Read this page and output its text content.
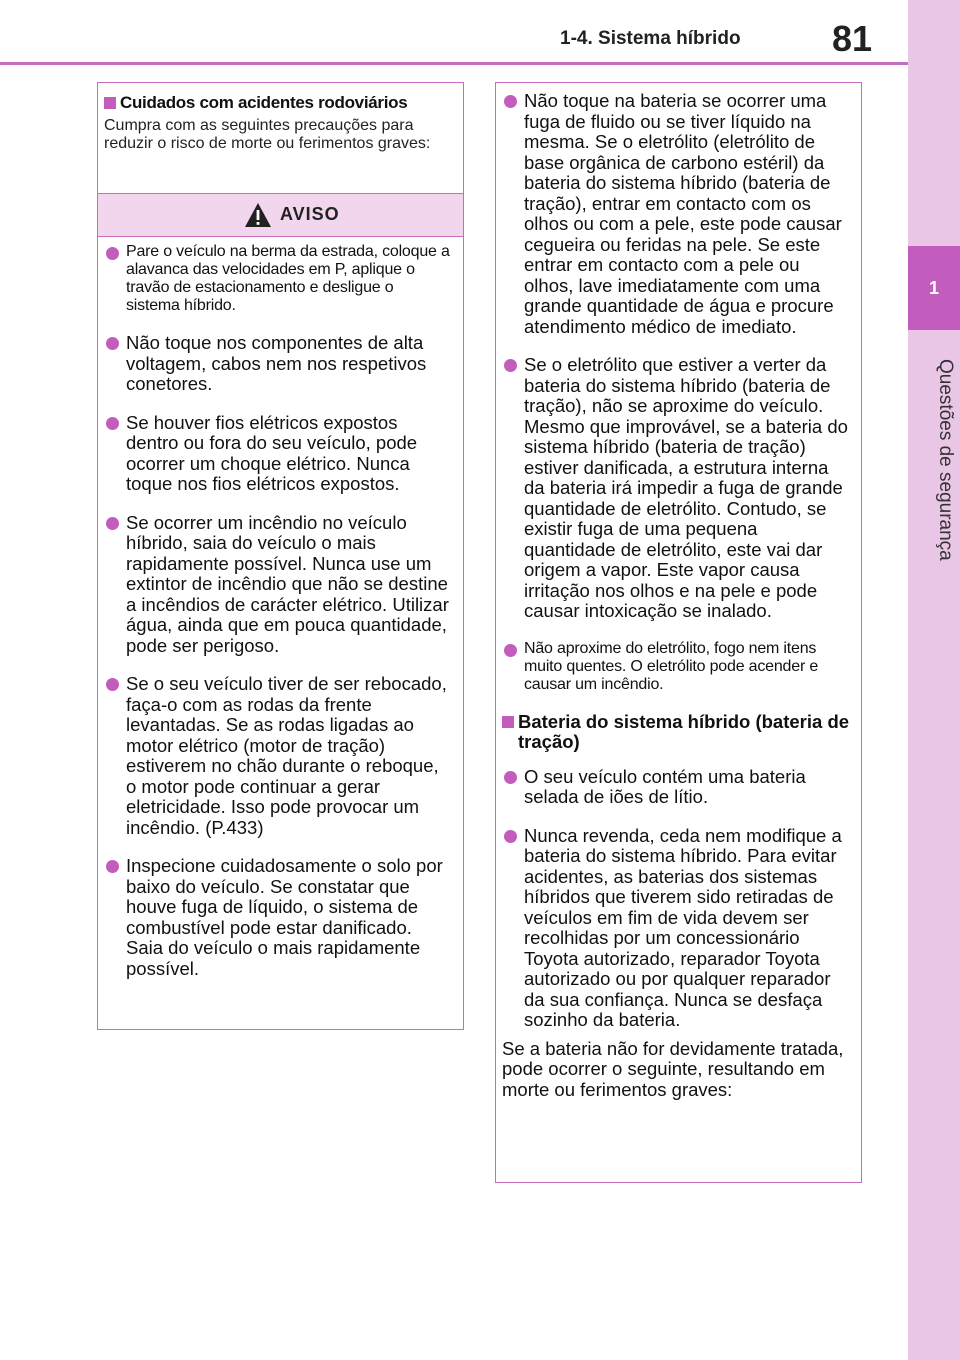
1-4. Sistema híbrido	81
1
Questões de segurança
Cuidados com acidentes rodoviários
Cumpra com as seguintes precauções para reduzir o risco de morte ou ferimentos graves:
AVISO
Pare o veículo na berma da estrada, coloque a alavanca das velocidades em P, aplique o travão de estacionamento e desligue o sistema híbrido.
Não toque nos componentes de alta voltagem, cabos nem nos respetivos conetores.
Se houver fios elétricos expostos dentro ou fora do seu veículo, pode ocorrer um choque elétrico. Nunca toque nos fios elétricos expostos.
Se ocorrer um incêndio no veículo híbrido, saia do veículo o mais rapidamente possível. Nunca use um extintor de incêndio que não se destine a incêndios de carácter elétrico. Utilizar água, ainda que em pouca quantidade, pode ser perigoso.
Se o seu veículo tiver de ser rebocado, faça-o com as rodas da frente levantadas. Se as rodas ligadas ao motor elétrico (motor de tração) estiverem no chão durante o reboque, o motor pode continuar a gerar eletricidade. Isso pode provocar um incêndio. (P.433)
Inspecione cuidadosamente o solo por baixo do veículo. Se constatar que houve fuga de líquido, o sistema de combustível pode estar danificado. Saia do veículo o mais rapidamente possível.
Não toque na bateria se ocorrer uma fuga de fluido ou se tiver líquido na mesma. Se o eletrólito (eletrólito de base orgânica de carbono estéril) da bateria do sistema híbrido (bateria de tração), entrar em contacto com os olhos ou com a pele, este pode causar cegueira ou feridas na pele. Se este entrar em contacto com a pele ou olhos, lave imediatamente com uma grande quantidade de água e procure atendimento médico de imediato.
Se o eletrólito que estiver a verter da bateria do sistema híbrido (bateria de tração), não se aproxime do veículo. Mesmo que improvável, se a bateria do sistema híbrido (bateria de tração) estiver danificada, a estrutura interna da bateria irá impedir a fuga de grande quantidade de eletrólito. Contudo, se existir fuga de uma pequena quantidade de eletrólito, este vai dar origem a vapor. Este vapor causa irritação nos olhos e na pele e pode causar intoxicação se inalado.
Não aproxime do eletrólito, fogo nem itens muito quentes. O eletrólito pode acender e causar um incêndio.
Bateria do sistema híbrido (bateria de tração)
O seu veículo contém uma bateria selada de iões de lítio.
Nunca revenda, ceda nem modifique a bateria do sistema híbrido. Para evitar acidentes, as baterias dos sistemas híbridos que tiverem sido retiradas de veículos em fim de vida devem ser recolhidas por um concessionário Toyota autorizado, reparador Toyota autorizado ou por qualquer reparador da sua confiança. Nunca se desfaça sozinho da bateria.

Se a bateria não for devidamente tratada, pode ocorrer o seguinte, resultando em morte ou ferimentos graves:
